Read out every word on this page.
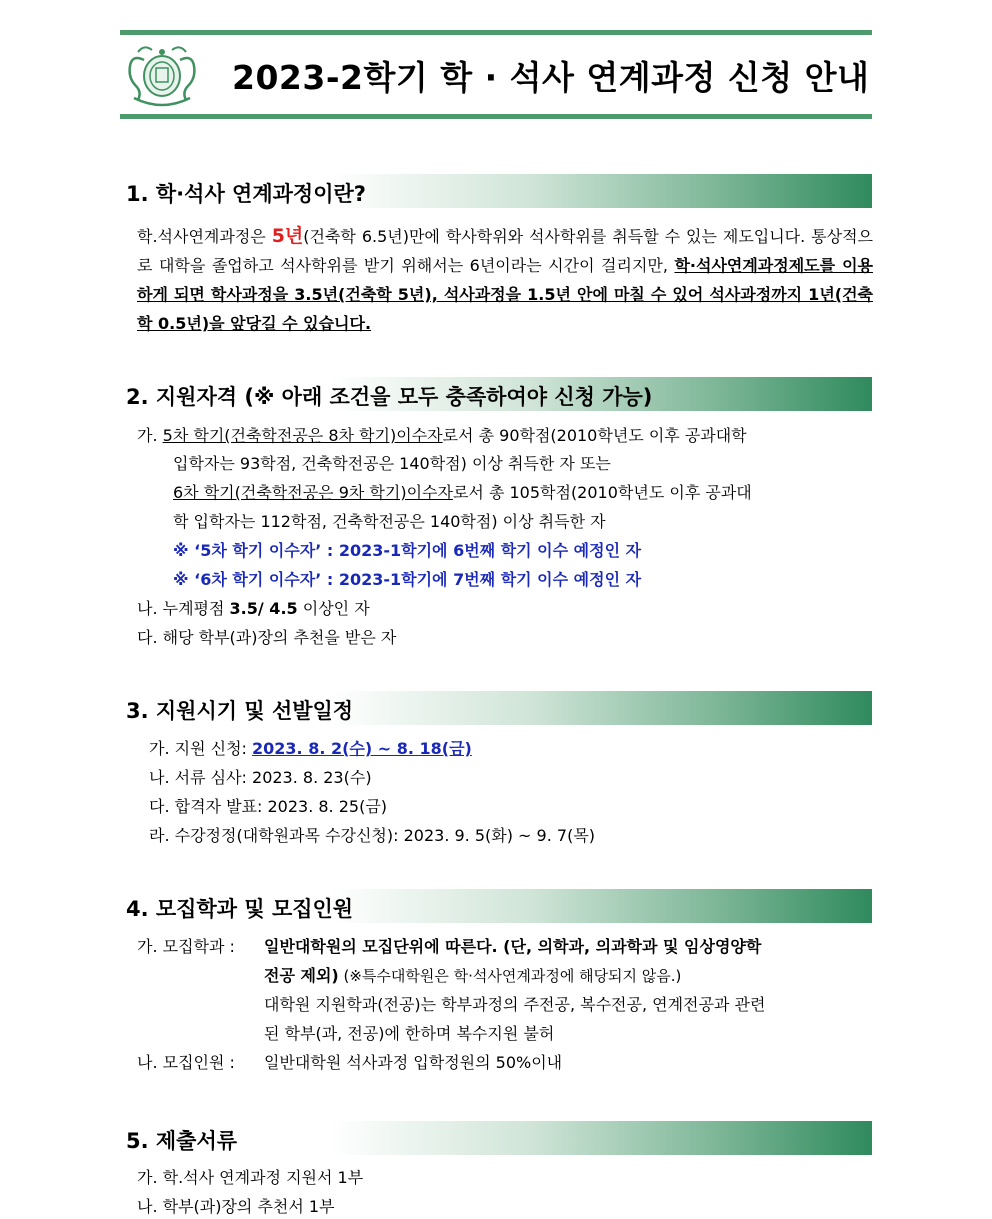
2023-2학기 학 · 석사 연계과정 신청 안내
1. 학·석사 연계과정이란?
학.석사연계과정은 5년(건축학 6.5년)만에 학사학위와 석사학위를 취득할 수 있는 제도입니다. 통상적으로 대학을 졸업하고 석사학위를 받기 위해서는 6년이라는 시간이 걸리지만, 학·석사연계과정제도를 이용하게 되면 학사과정을 3.5년(건축학 5년), 석사과정을 1.5년 안에 마칠 수 있어 석사과정까지 1년(건축학 0.5년)을 앞당길 수 있습니다.
2. 지원자격 (※ 아래 조건을 모두 충족하여야 신청 가능)
가. 5차 학기(건축학전공은 8차 학기)이수자로서 총 90학점(2010학년도 이후 공과대학
입학자는 93학점, 건축학전공은 140학점) 이상 취득한 자 또는
6차 학기(건축학전공은 9차 학기)이수자로서 총 105학점(2010학년도 이후 공과대
학 입학자는 112학점, 건축학전공은 140학점) 이상 취득한 자
※ ‘5차 학기 이수자’ : 2023-1학기에 6번째 학기 이수 예정인 자
※ ‘6차 학기 이수자’ : 2023-1학기에 7번째 학기 이수 예정인 자
나. 누계평점 3.5/ 4.5 이상인 자
다. 해당 학부(과)장의 추천을 받은 자
3. 지원시기 및 선발일정
가. 지원 신청: 2023. 8. 2(수) ~ 8. 18(금)
나. 서류 심사: 2023. 8. 23(수)
다. 합격자 발표: 2023. 8. 25(금)
라. 수강정정(대학원과목 수강신청): 2023. 9. 5(화) ~ 9. 7(목)
4. 모집학과 및 모집인원
가. 모집학과 : 일반대학원의 모집단위에 따른다. (단, 의학과, 의과학과 및 임상영양학
전공 제외) (※특수대학원은 학·석사연계과정에 해당되지 않음.)
대학원 지원학과(전공)는 학부과정의 주전공, 복수전공, 연계전공과 관련
된 학부(과, 전공)에 한하며 복수지원 불허
나. 모집인원 : 일반대학원 석사과정 입학정원의 50%이내
5. 제출서류
가. 학.석사 연계과정 지원서 1부
나. 학부(과)장의 추천서 1부
